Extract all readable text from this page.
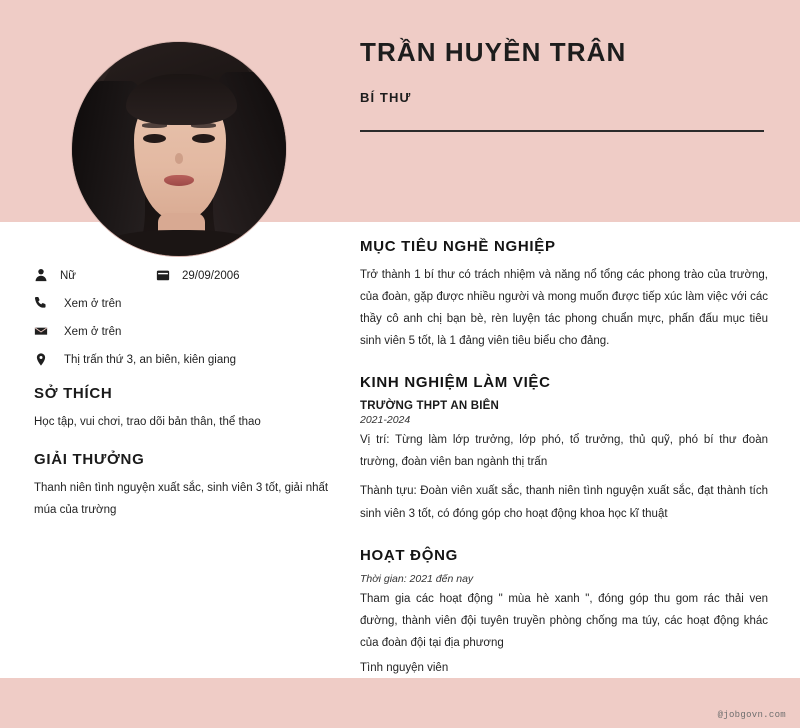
TRẦN HUYỀN TRÂN
BÍ THƯ
Nữ	29/09/2006
Xem ở trên
Xem ở trên
Thị trấn thứ 3, an biên, kiên giang
SỞ THÍCH

Học tập, vui chơi, trao dõi bản thân, thể thao

GIẢI THƯỞNG

Thanh niên tình nguyện xuất sắc, sinh viên 3 tốt, giải nhất múa của trường

MỤC TIÊU NGHỀ NGHIỆP

Trở thành 1 bí thư có trách nhiệm và năng nổ tổng các phong trào của trường, của đoàn, gặp được nhiều người và mong muốn được tiếp xúc làm việc với các thầy cô anh chị bạn bè, rèn luyện tác phong chuẩn mực, phấn đấu mục tiêu sinh viên 5 tốt, là 1 đảng viên tiêu biểu cho đảng.

KINH NGHIỆM LÀM VIỆC
TRƯỜNG THPT AN BIÊN
2021-2024

Vị trí: Từng làm lớp trưởng, lớp phó, tổ trưởng, thủ quỹ, phó bí thư đoàn trường, đoàn viên ban ngành thị trấn

Thành tựu: Đoàn viên xuất sắc, thanh niên tình nguyện xuất sắc, đạt thành tích sinh viên 3 tốt, có đóng góp cho hoạt động khoa học kĩ thuật

HOẠT ĐỘNG
Thời gian: 2021 đến nay

Tham gia các hoạt động " mùa hè xanh ", đóng góp thu gom rác thải ven đường, thành viên đội tuyên truyền phòng chống ma túy, các hoạt động khác của đoàn đội tại địa phương

Tình nguyện viên

@jobgovn.com
